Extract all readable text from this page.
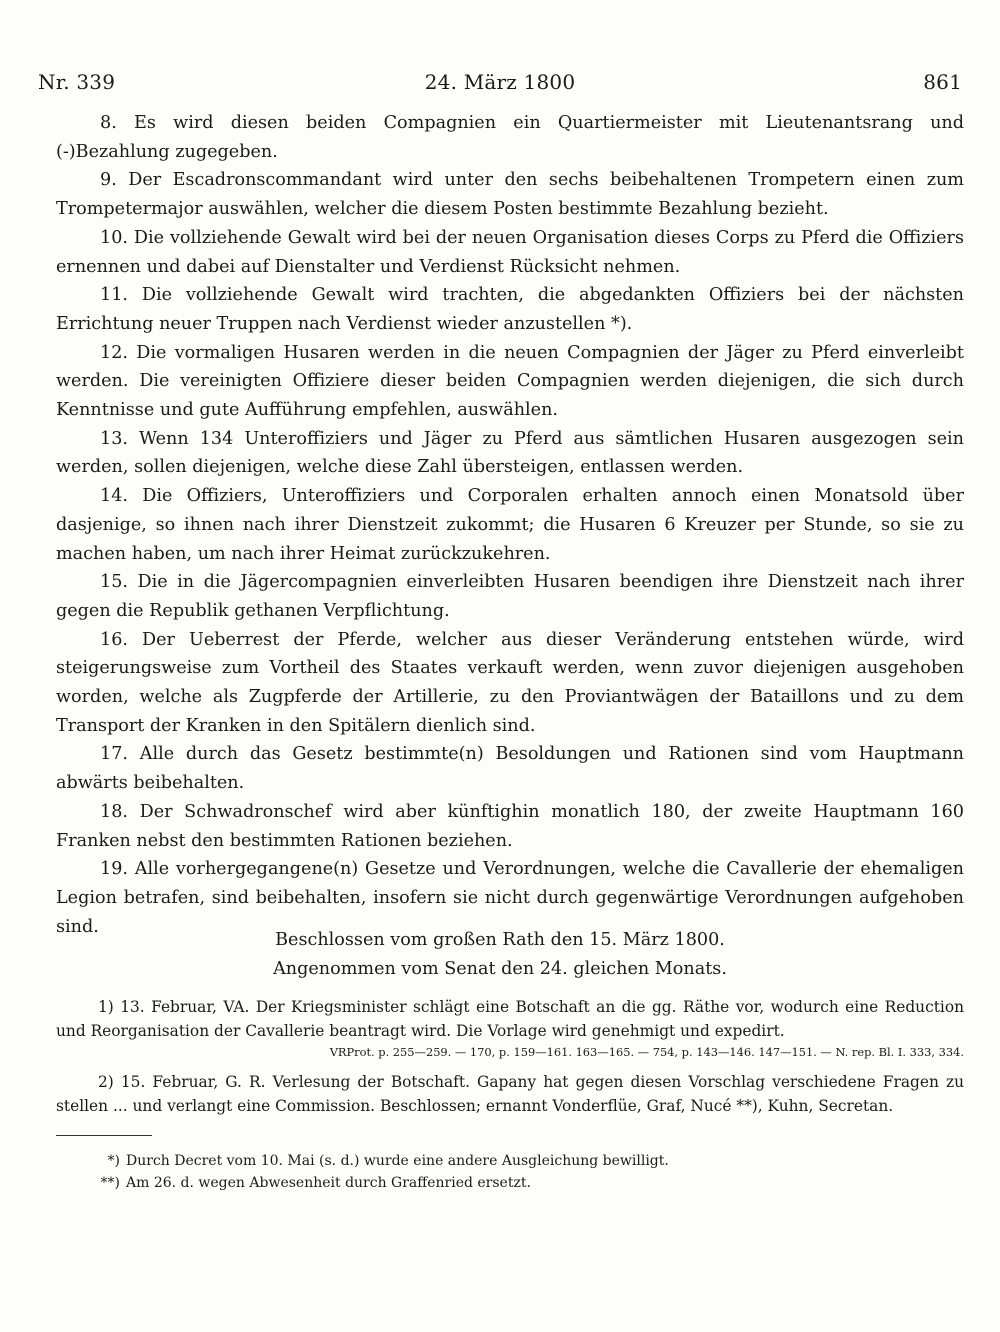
Nr. 339	24. März 1800	861

8. Es wird diesen beiden Compagnien ein Quartiermeister mit Lieutenantsrang und (-)Bezahlung zugegeben.

9. Der Escadronscommandant wird unter den sechs beibehaltenen Trompetern einen zum Trompetermajor auswählen, welcher die diesem Posten bestimmte Bezahlung bezieht.

10. Die vollziehende Gewalt wird bei der neuen Organisation dieses Corps zu Pferd die Offiziers ernennen und dabei auf Dienstalter und Verdienst Rücksicht nehmen.

11. Die vollziehende Gewalt wird trachten, die abgedankten Offiziers bei der nächsten Errichtung neuer Truppen nach Verdienst wieder anzustellen *).

12. Die vormaligen Husaren werden in die neuen Compagnien der Jäger zu Pferd einverleibt werden. Die vereinigten Offiziere dieser beiden Compagnien werden diejenigen, die sich durch Kenntnisse und gute Aufführung empfehlen, auswählen.

13. Wenn 134 Unteroffiziers und Jäger zu Pferd aus sämtlichen Husaren ausgezogen sein werden, sollen diejenigen, welche diese Zahl übersteigen, entlassen werden.

14. Die Offiziers, Unteroffiziers und Corporalen erhalten annoch einen Monatsold über dasjenige, so ihnen nach ihrer Dienstzeit zukommt; die Husaren 6 Kreuzer per Stunde, so sie zu machen haben, um nach ihrer Heimat zurückzukehren.

15. Die in die Jägercompagnien einverleibten Husaren beendigen ihre Dienstzeit nach ihrer gegen die Republik gethanen Verpflichtung.

16. Der Ueberrest der Pferde, welcher aus dieser Veränderung entstehen würde, wird steigerungsweise zum Vortheil des Staates verkauft werden, wenn zuvor diejenigen ausgehoben worden, welche als Zugpferde der Artillerie, zu den Proviantwägen der Bataillons und zu dem Transport der Kranken in den Spitälern dienlich sind.

17. Alle durch das Gesetz bestimmte(n) Besoldungen und Rationen sind vom Hauptmann abwärts beibehalten.

18. Der Schwadronschef wird aber künftighin monatlich 180, der zweite Hauptmann 160 Franken nebst den bestimmten Rationen beziehen.

19. Alle vorhergegangene(n) Gesetze und Verordnungen, welche die Cavallerie der ehemaligen Legion betrafen, sind beibehalten, insofern sie nicht durch gegenwärtige Verordnungen aufgehoben sind.

Beschlossen vom großen Rath den 15. März 1800.
Angenommen vom Senat den 24. gleichen Monats.

1) 13. Februar, VA. Der Kriegsminister schlägt eine Botschaft an die gg. Räthe vor, wodurch eine Reduction und Reorganisation der Cavallerie beantragt wird. Die Vorlage wird genehmigt und expedirt.

VRProt. p. 255—259. — 170, p. 159—161. 163—165. — 754, p. 143—146. 147—151. — N. rep. Bl. I. 333, 334.

2) 15. Februar, G. R. Verlesung der Botschaft. Gapany hat gegen diesen Vorschlag verschiedene Fragen zu stellen ... und verlangt eine Commission. Beschlossen; ernannt Vonderflüe, Graf, Nucé **), Kuhn, Secretan.

*) Durch Decret vom 10. Mai (s. d.) wurde eine andere Ausgleichung bewilligt.

**) Am 26. d. wegen Abwesenheit durch Graffenried ersetzt.
